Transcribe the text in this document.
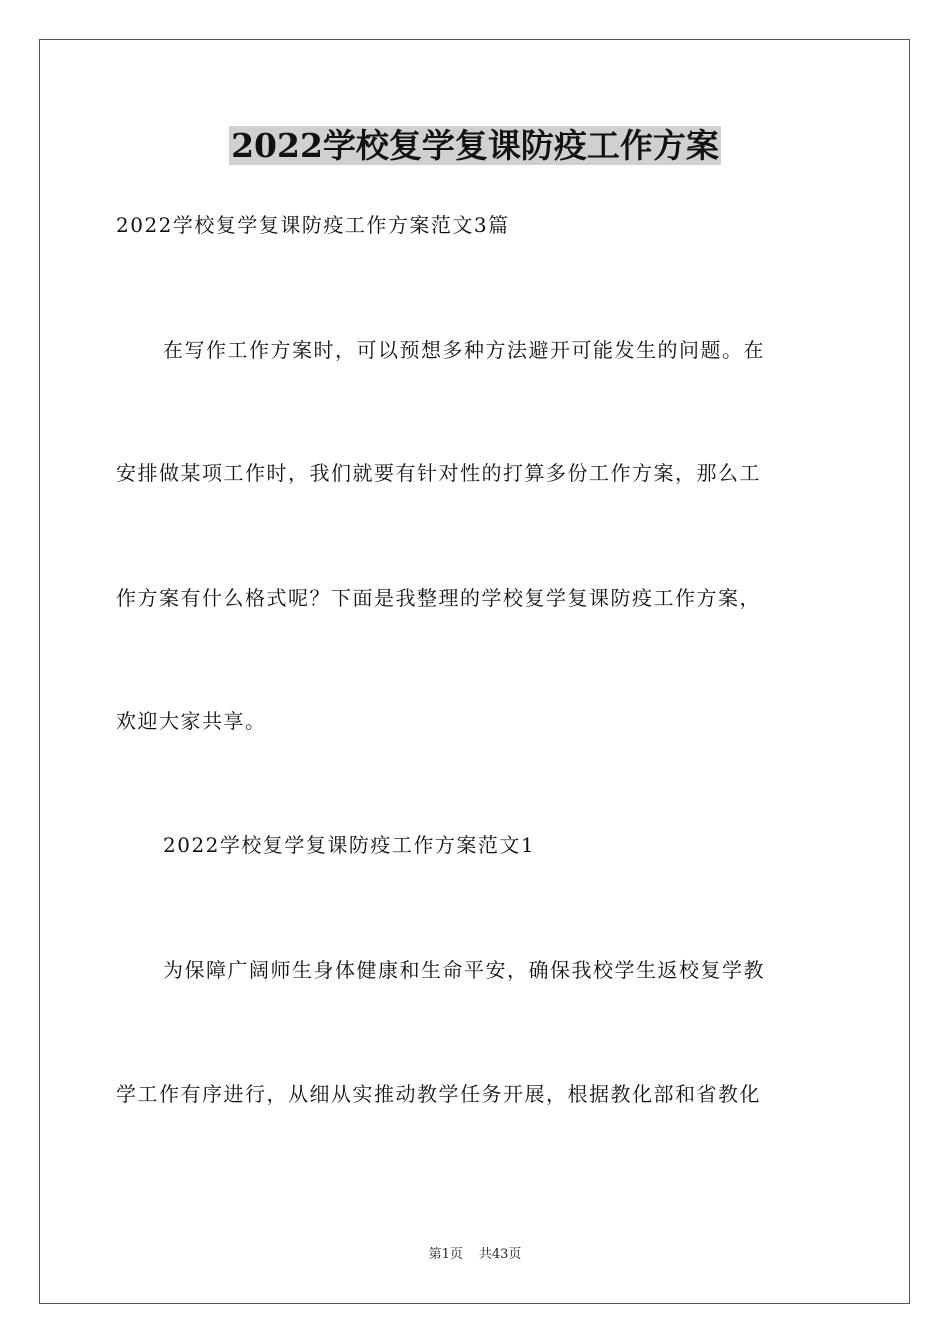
2022学校复学复课防疫工作方案

2022学校复学复课防疫工作方案范文3篇

在写作工作方案时，可以预想多种方法避开可能发生的问题。在

安排做某项工作时，我们就要有针对性的打算多份工作方案，那么工

作方案有什么格式呢？下面是我整理的学校复学复课防疫工作方案，

欢迎大家共享。

2022学校复学复课防疫工作方案范文1

为保障广阔师生身体健康和生命平安，确保我校学生返校复学教

学工作有序进行，从细从实推动教学任务开展，根据教化部和省教化

第1页 共43页
